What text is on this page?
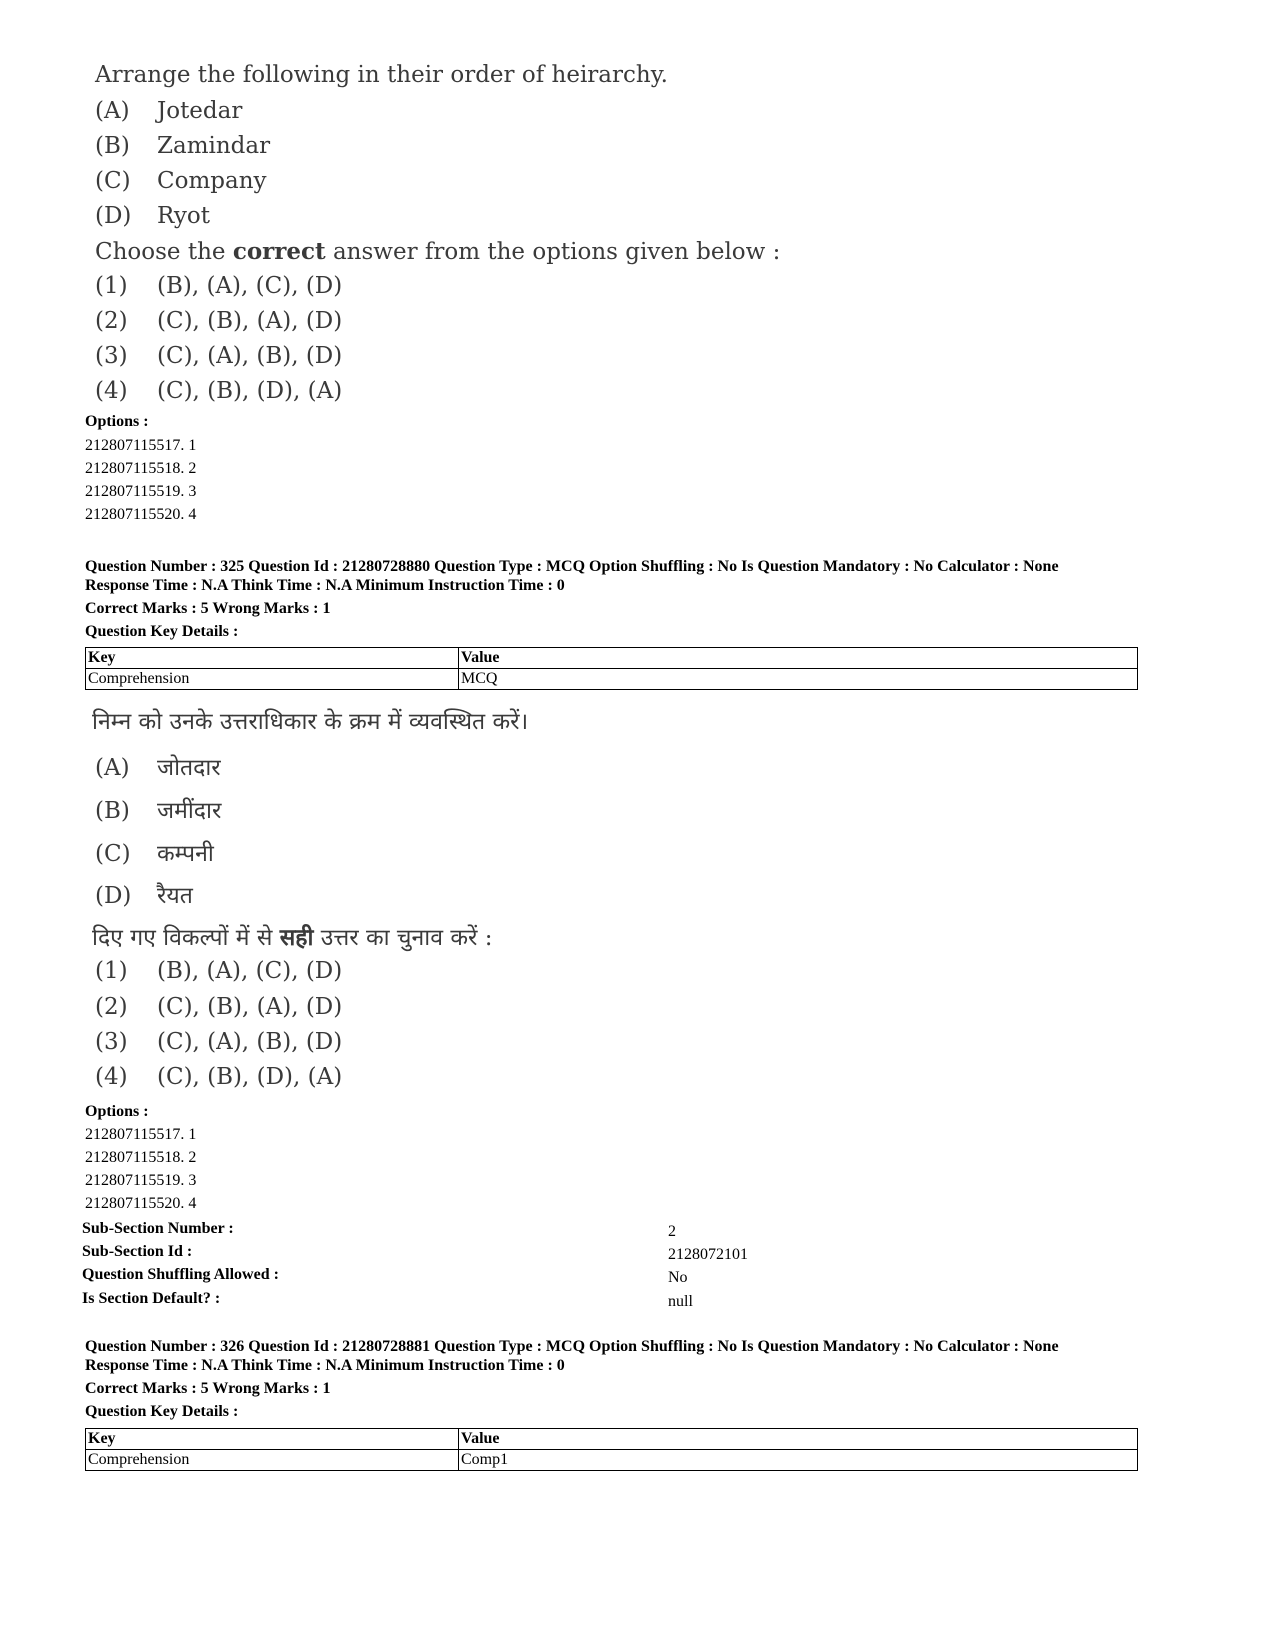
Arrange the following in their order of heirarchy.
(A) Jotedar
(B) Zamindar
(C) Company
(D) Ryot
Choose the correct answer from the options given below :
(1) (B), (A), (C), (D)
(2) (C), (B), (A), (D)
(3) (C), (A), (B), (D)
(4) (C), (B), (D), (A)
Options :
212807115517. 1
212807115518. 2
212807115519. 3
212807115520. 4
Question Number : 325 Question Id : 21280728880 Question Type : MCQ Option Shuffling : No Is Question Mandatory : No Calculator : None
Response Time : N.A Think Time : N.A Minimum Instruction Time : 0
Correct Marks : 5 Wrong Marks : 1
Question Key Details :
Key	Value
Comprehension	MCQ
निम्न को उनके उत्तराधिकार के क्रम में व्यवस्थित करें।
(A) जोतदार
(B) जमींदार
(C) कम्पनी
(D) रैयत
दिए गए विकल्पों में से सही उत्तर का चुनाव करें :
(1) (B), (A), (C), (D)
(2) (C), (B), (A), (D)
(3) (C), (A), (B), (D)
(4) (C), (B), (D), (A)
Options :
212807115517. 1
212807115518. 2
212807115519. 3
212807115520. 4
Sub-Section Number :	2
Sub-Section Id :	2128072101
Question Shuffling Allowed :	No
Is Section Default? :	null
Question Number : 326 Question Id : 21280728881 Question Type : MCQ Option Shuffling : No Is Question Mandatory : No Calculator : None
Response Time : N.A Think Time : N.A Minimum Instruction Time : 0
Correct Marks : 5 Wrong Marks : 1
Question Key Details :
Key	Value
Comprehension	Comp1
